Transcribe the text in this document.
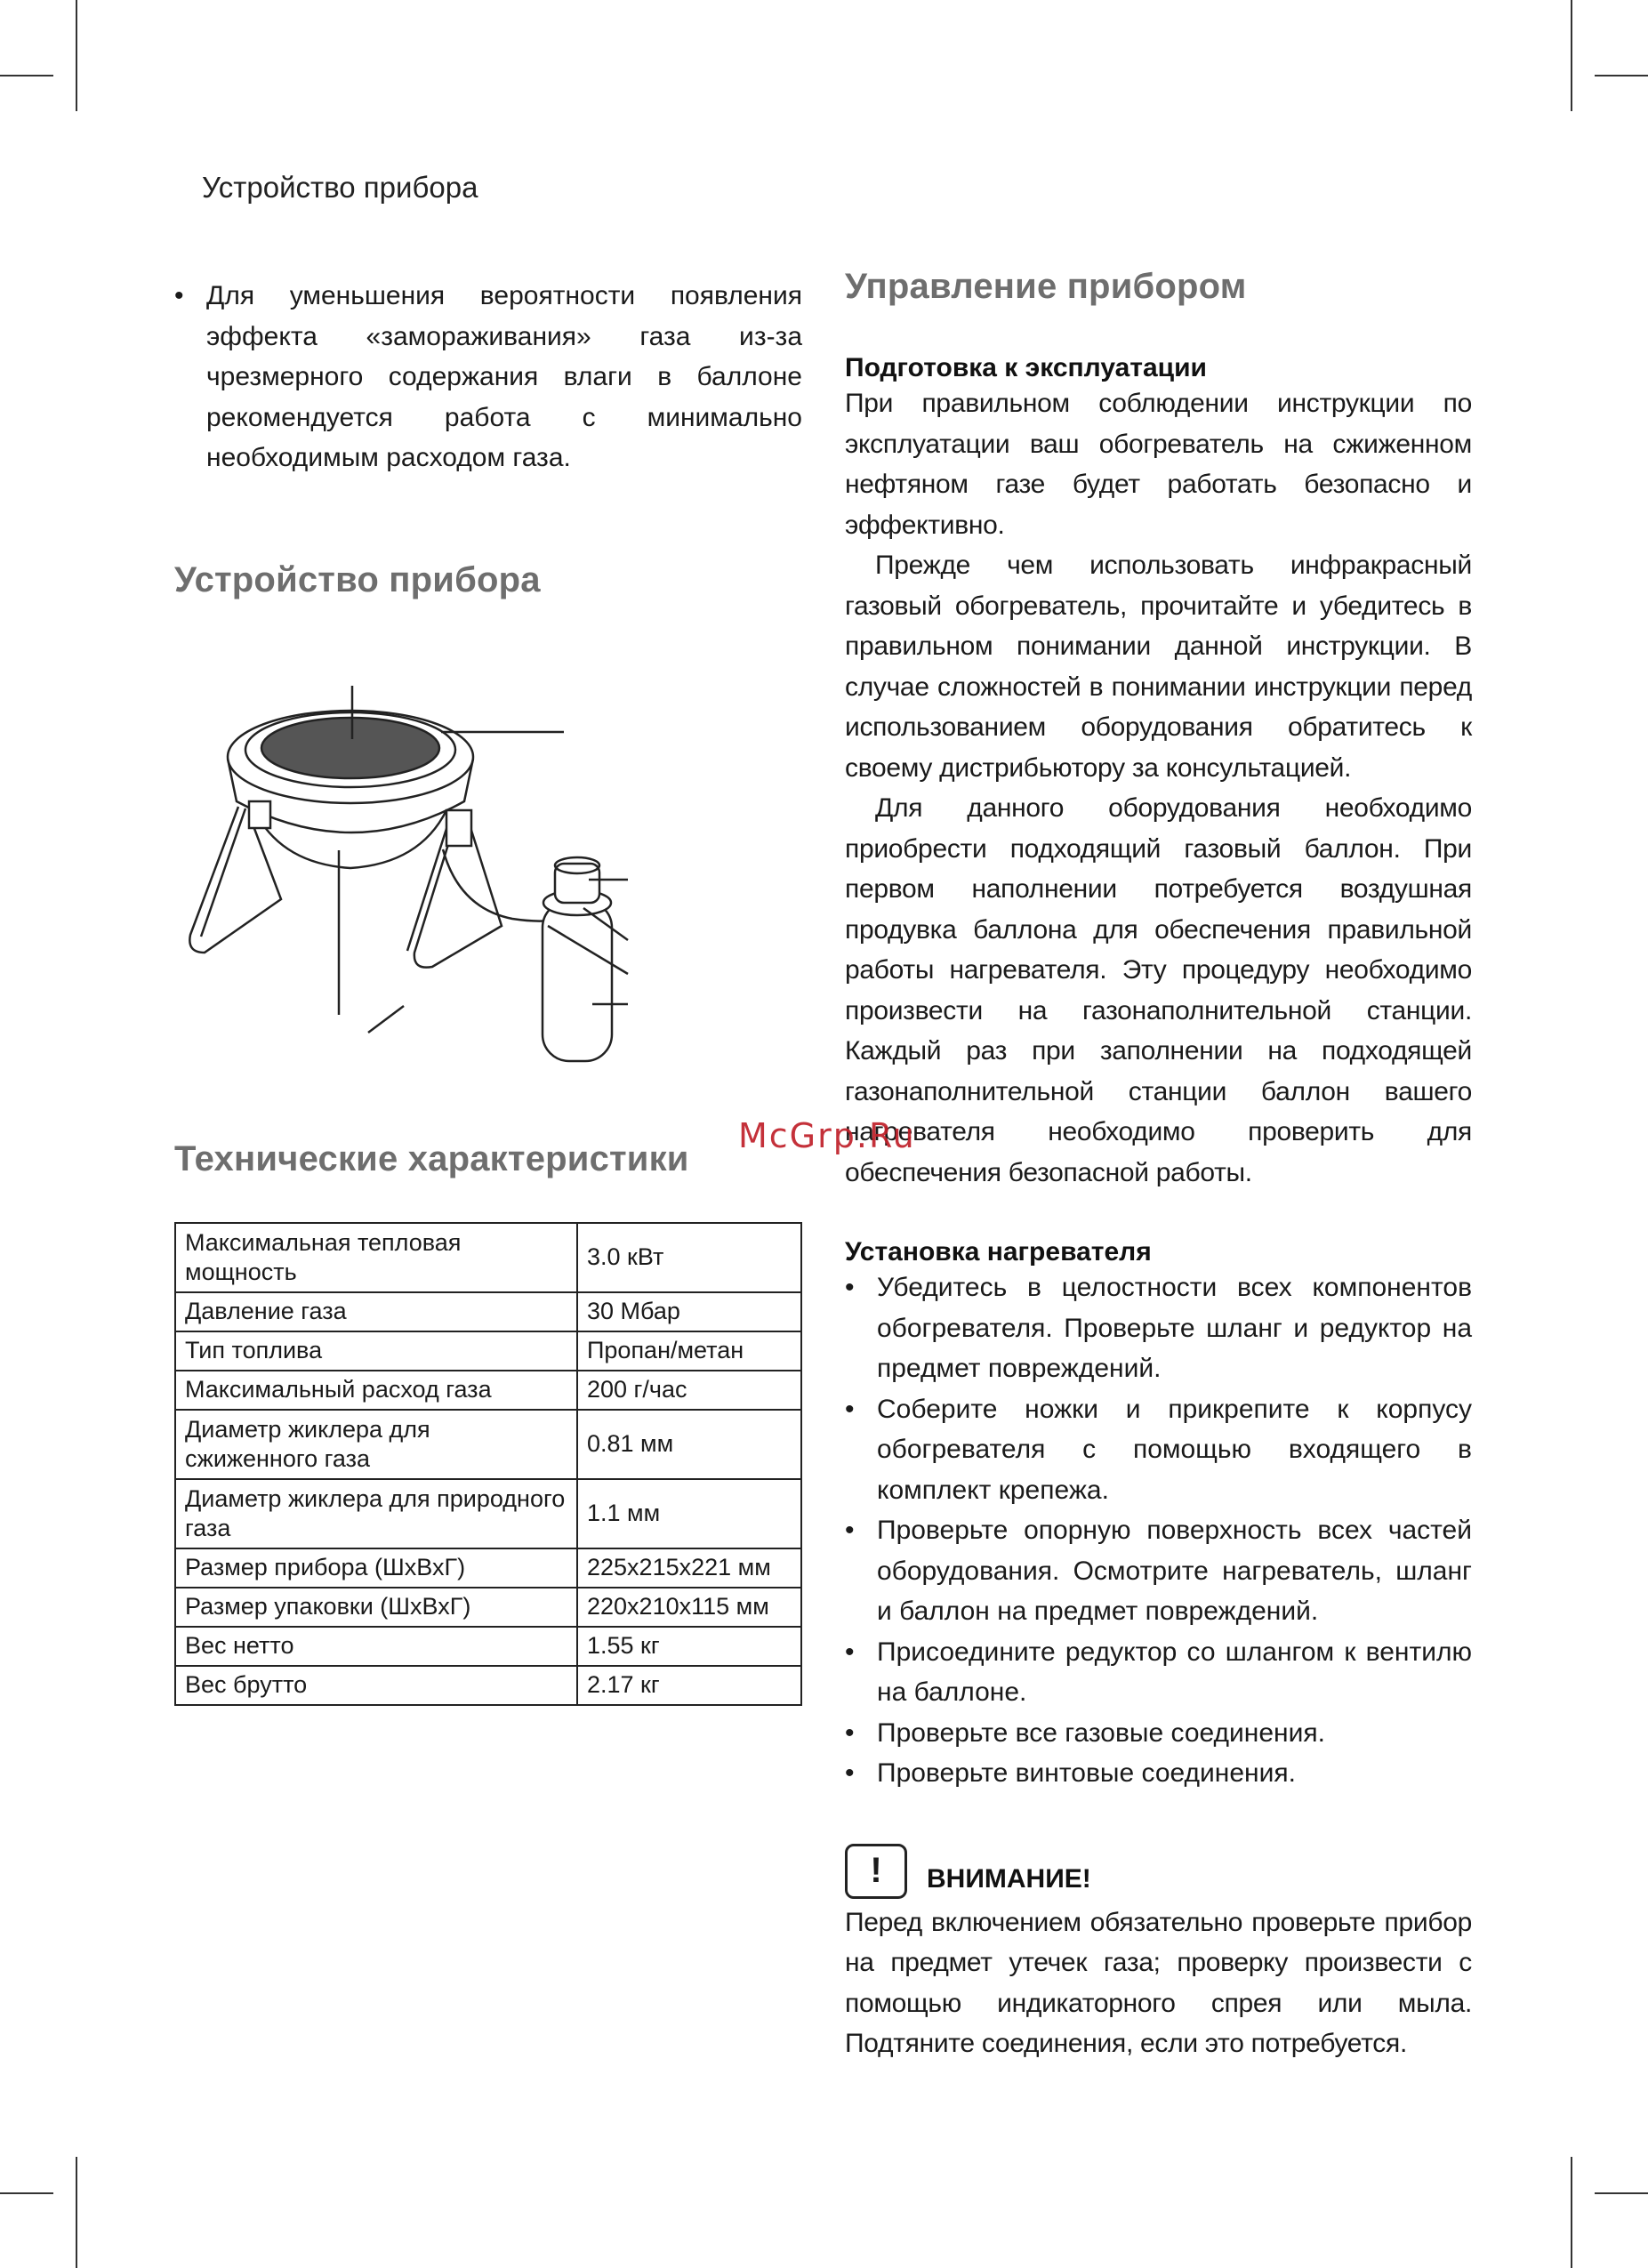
Устройство прибора
• Для уменьшения вероятности появления эффекта «замораживания» газа из-за чрезмерного содержания влаги в баллоне рекомендуется работа с минимально необходимым расходом газа.
Устройство прибора
Технические характеристики
Максимальная тепловая мощность	3.0 кВт
Давление газа	30 Мбар
Тип топлива	Пропан/метан
Максимальный расход газа	200 г/час
Диаметр жиклера для сжиженного газа	0.81 мм
Диаметр жиклера для природного газа	1.1 мм
Размер прибора (ШхВхГ)	225х215х221 мм
Размер упаковки (ШхВхГ)	220х210х115 мм
Вес нетто	1.55 кг
Вес брутто	2.17 кг
Управление прибором
Подготовка к эксплуатации

При правильном соблюдении инструкции по эксплуатации ваш обогреватель на сжиженном нефтяном газе будет работать безопасно и эффективно.

Прежде чем использовать инфракрасный газовый обогреватель, прочитайте и убедитесь в правильном понимании данной инструкции. В случае сложностей в понимании инструкции перед использованием оборудования обратитесь к своему дистрибьютору за консультацией.

Для данного оборудования необходимо приобрести подходящий газовый баллон. При первом наполнении потребуется воздушная продувка баллона для обеспечения правильной работы нагревателя. Эту процедуру необходимо произвести на газонаполнительной станции. Каждый раз при заполнении на подходящей газонаполнительной станции баллон вашего нагревателя необходимо проверить для обеспечения безопасной работы.

Установка нагревателя
• Убедитесь в целостности всех компонентов обогревателя. Проверьте шланг и редуктор на предмет повреждений.
• Соберите ножки и прикрепите к корпусу обогревателя с помощью входящего в комплект крепежа.
• Проверьте опорную поверхность всех частей оборудования. Осмотрите нагреватель, шланг и баллон на предмет повреждений.
• Присоедините редуктор со шлангом к вентилю на баллоне.
• Проверьте все газовые соединения.
• Проверьте винтовые соединения.
!	ВНИМАНИЕ!

Перед включением обязательно проверьте прибор на предмет утечек газа; проверку произвести с помощью индикаторного спрея или мыла. Подтяните соединения, если это потребуется.

McGrp.Ru
